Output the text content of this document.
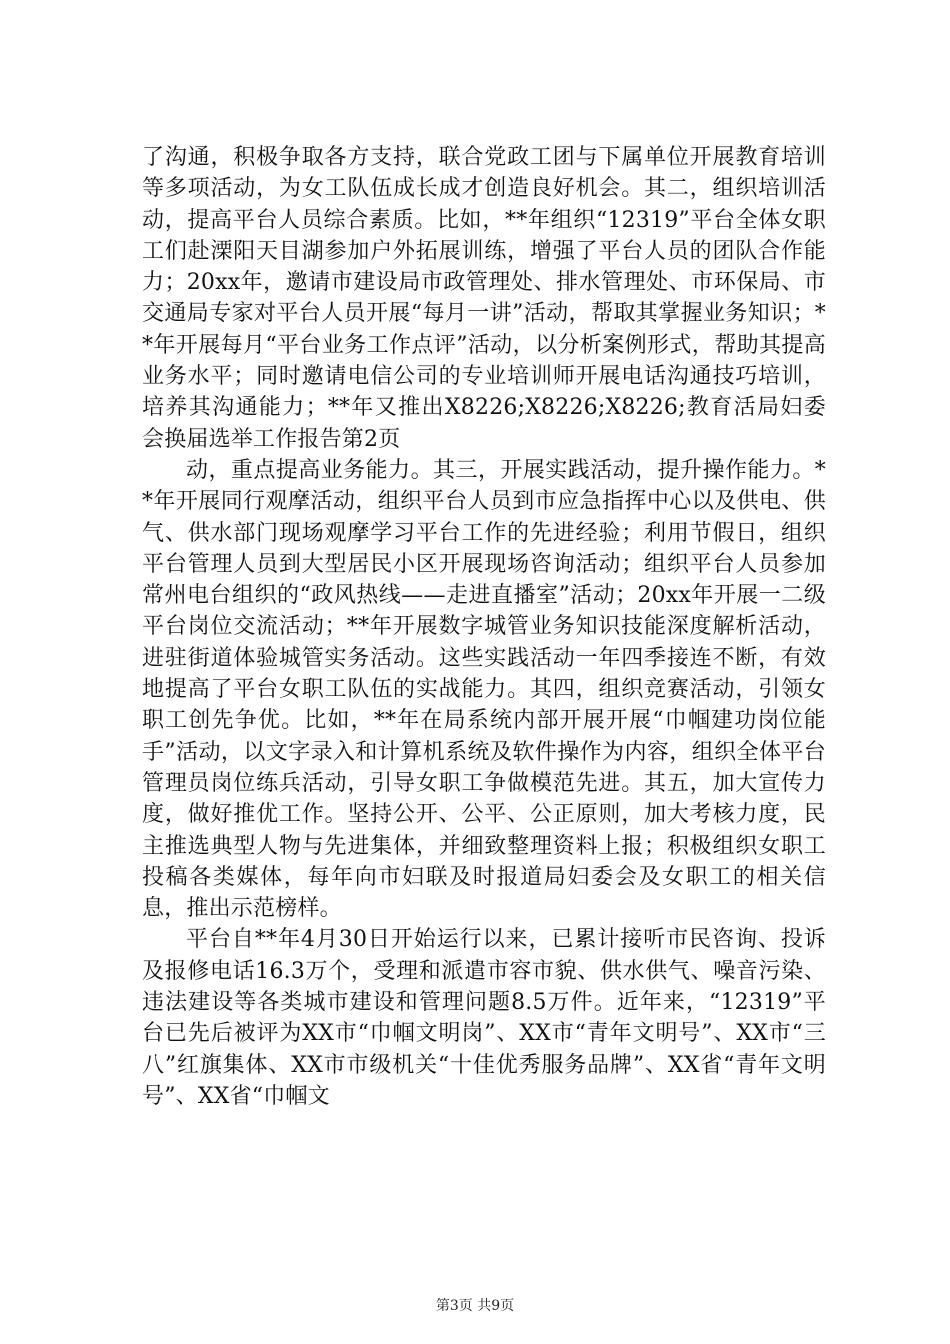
了沟通，积极争取各方支持，联合党政工团与下属单位开展教育培训等多项活动，为女工队伍成长成才创造良好机会。其二，组织培训活动，提高平台人员综合素质。比如，**年组织“12319”平台全体女职工们赴溧阳天目湖参加户外拓展训练，增强了平台人员的团队合作能力；20xx年，邀请市建设局市政管理处、排水管理处、市环保局、市交通局专家对平台人员开展“每月一讲”活动，帮取其掌握业务知识；**年开展每月“平台业务工作点评”活动，以分析案例形式，帮助其提高业务水平；同时邀请电信公司的专业培训师开展电话沟通技巧培训，培养其沟通能力；**年又推出X8226;X8226;X8226;教育活局妇委会换届选举工作报告第2页

动，重点提高业务能力。其三，开展实践活动，提升操作能力。**年开展同行观摩活动，组织平台人员到市应急指挥中心以及供电、供气、供水部门现场观摩学习平台工作的先进经验；利用节假日，组织平台管理人员到大型居民小区开展现场咨询活动；组织平台人员参加常州电台组织的“政风热线——走进直播室”活动；20xx年开展一二级平台岗位交流活动；**年开展数字城管业务知识技能深度解析活动，进驻街道体验城管实务活动。这些实践活动一年四季接连不断，有效地提高了平台女职工队伍的实战能力。其四，组织竞赛活动，引领女职工创先争优。比如，**年在局系统内部开展开展“巾帼建功岗位能手”活动，以文字录入和计算机系统及软件操作为内容，组织全体平台管理员岗位练兵活动，引导女职工争做模范先进。其五，加大宣传力度，做好推优工作。坚持公开、公平、公正原则，加大考核力度，民主推选典型人物与先进集体，并细致整理资料上报；积极组织女职工投稿各类媒体，每年向市妇联及时报道局妇委会及女职工的相关信息，推出示范榜样。

平台自**年4月30日开始运行以来，已累计接听市民咨询、投诉及报修电话16.3万个，受理和派遣市容市貌、供水供气、噪音污染、违法建设等各类城市建设和管理问题8.5万件。近年来，“12319”平台已先后被评为XX市“巾帼文明岗”、XX市“青年文明号”、XX市“三八”红旗集体、XX市市级机关“十佳优秀服务品牌”、XX省“青年文明号”、XX省“巾帼文

第3页 共9页
